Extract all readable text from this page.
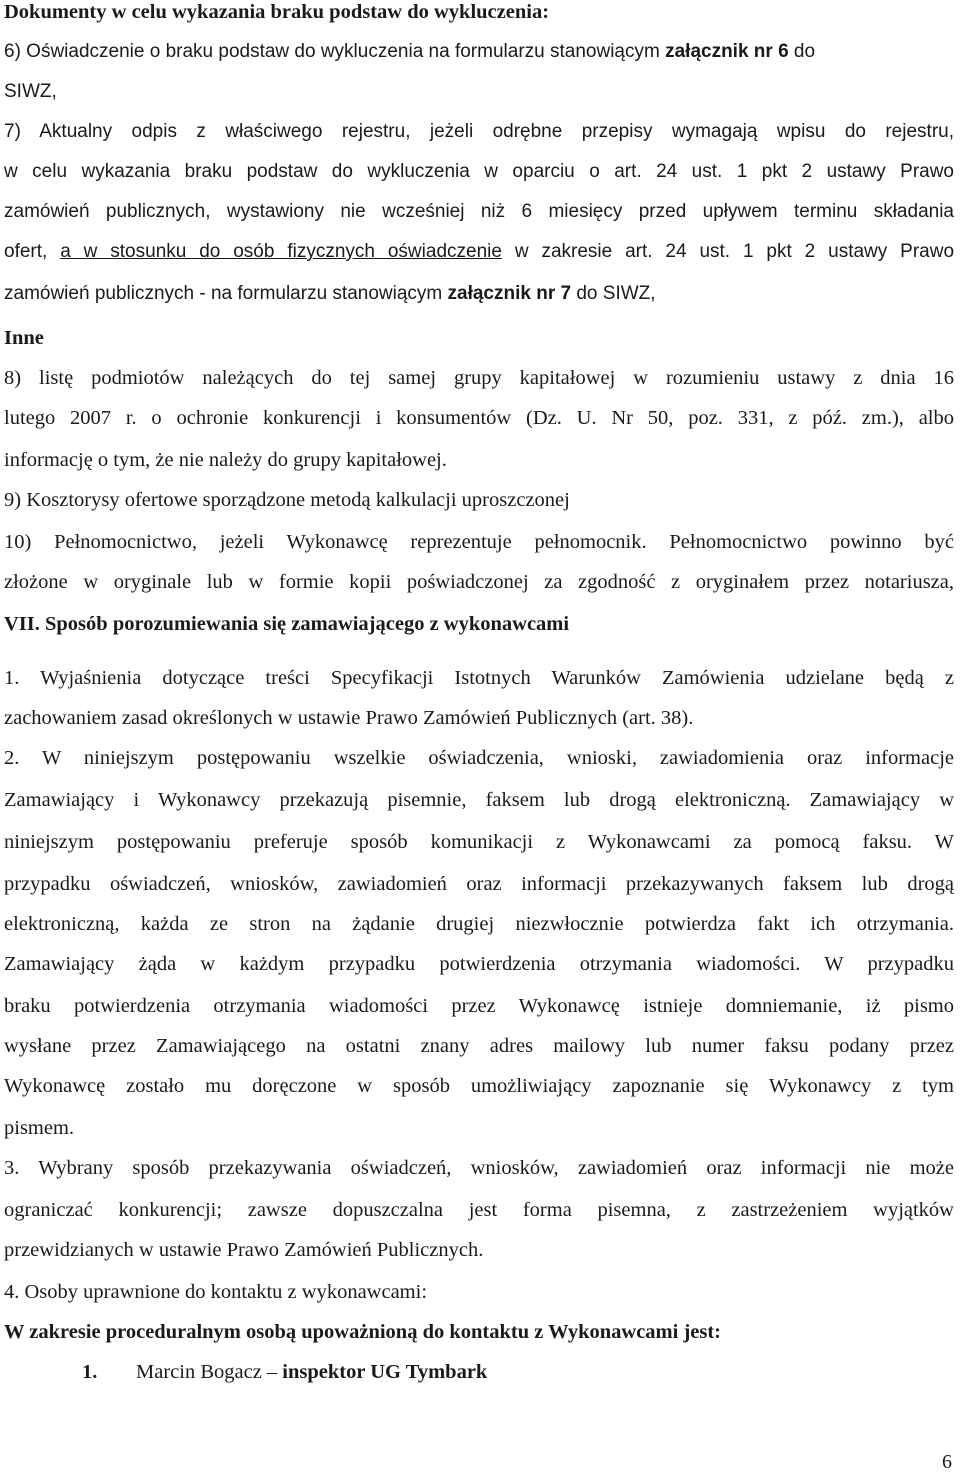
Dokumenty w celu wykazania braku podstaw do wykluczenia:
6) Oświadczenie o braku podstaw do wykluczenia na formularzu stanowiącym załącznik nr 6 do
SIWZ,
7) Aktualny odpis z właściwego rejestru, jeżeli odrębne przepisy wymagają wpisu do rejestru,
w celu wykazania braku podstaw do wykluczenia w oparciu o art. 24 ust. 1 pkt 2 ustawy Prawo
zamówień publicznych, wystawiony nie wcześniej niż 6 miesięcy przed upływem terminu składania
ofert, a w stosunku do osób fizycznych oświadczenie w zakresie art. 24 ust. 1 pkt 2 ustawy Prawo
zamówień publicznych - na formularzu stanowiącym załącznik nr 7 do SIWZ,
Inne
8) listę podmiotów należących do tej samej grupy kapitałowej w rozumieniu ustawy z dnia 16
lutego 2007 r. o ochronie konkurencji i konsumentów (Dz. U. Nr 50, poz. 331, z póź. zm.), albo
informację o tym, że nie należy do grupy kapitałowej.
9) Kosztorysy ofertowe sporządzone metodą kalkulacji uproszczonej
10) Pełnomocnictwo, jeżeli Wykonawcę reprezentuje pełnomocnik. Pełnomocnictwo powinno być
złożone w oryginale lub w formie kopii poświadczonej za zgodność z oryginałem przez notariusza,
VII. Sposób porozumiewania się zamawiającego z wykonawcami
1. Wyjaśnienia dotyczące treści Specyfikacji Istotnych Warunków Zamówienia udzielane będą z
zachowaniem zasad określonych w ustawie Prawo Zamówień Publicznych (art. 38).
2. W niniejszym postępowaniu wszelkie oświadczenia, wnioski, zawiadomienia oraz informacje
Zamawiający i Wykonawcy przekazują pisemnie, faksem lub drogą elektroniczną. Zamawiający w
niniejszym postępowaniu preferuje sposób komunikacji z Wykonawcami za pomocą faksu. W
przypadku oświadczeń, wniosków, zawiadomień oraz informacji przekazywanych faksem lub drogą
elektroniczną, każda ze stron na żądanie drugiej niezwłocznie potwierdza fakt ich otrzymania.
Zamawiający żąda w każdym przypadku potwierdzenia otrzymania wiadomości. W przypadku
braku potwierdzenia otrzymania wiadomości przez Wykonawcę istnieje domniemanie, iż pismo
wysłane przez Zamawiającego na ostatni znany adres mailowy lub numer faksu podany przez
Wykonawcę zostało mu doręczone w sposób umożliwiający zapoznanie się Wykonawcy z tym
pismem.
3. Wybrany sposób przekazywania oświadczeń, wniosków, zawiadomień oraz informacji nie może
ograniczać konkurencji; zawsze dopuszczalna jest forma pisemna, z zastrzeżeniem wyjątków
przewidzianych w ustawie Prawo Zamówień Publicznych.
4. Osoby uprawnione do kontaktu z wykonawcami:
W zakresie proceduralnym osobą upoważnioną do kontaktu z Wykonawcami jest:
1. Marcin Bogacz – inspektor UG Tymbark
6
